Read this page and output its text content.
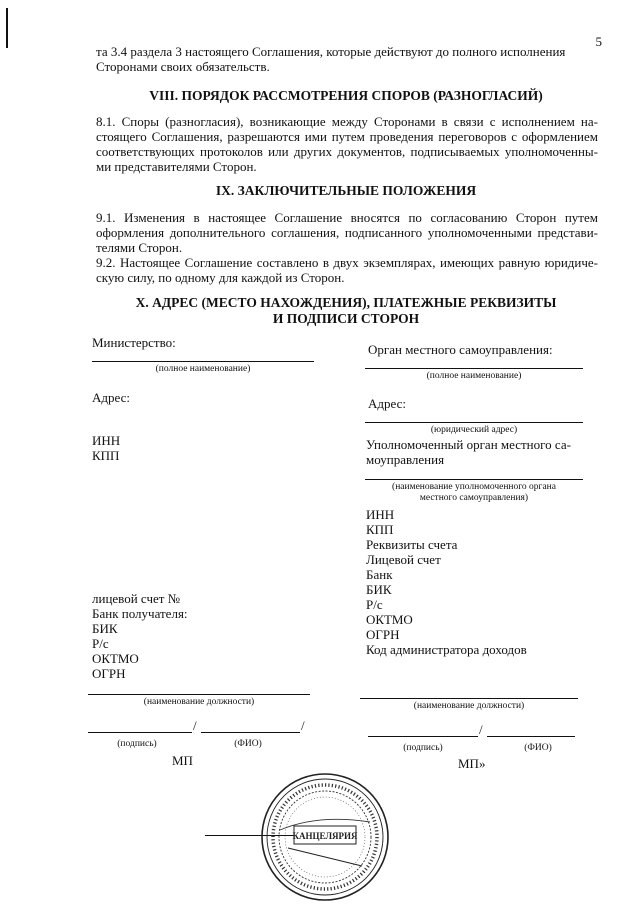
5
та 3.4 раздела 3 настоящего Соглашения, которые действуют до полного исполнения
Сторонами своих обязательств.
VIII. ПОРЯДОК РАССМОТРЕНИЯ СПОРОВ (РАЗНОГЛАСИЙ)
8.1. Споры (разногласия), возникающие между Сторонами в связи с исполнением на-
стоящего Соглашения, разрешаются ими путем проведения переговоров с оформлением
соответствующих протоколов или других документов, подписываемых уполномоченны-
ми представителями Сторон.
IX. ЗАКЛЮЧИТЕЛЬНЫЕ ПОЛОЖЕНИЯ
9.1. Изменения в настоящее Соглашение вносятся по согласованию Сторон путем
оформления дополнительного соглашения, подписанного уполномоченными представи-
телями Сторон.
9.2. Настоящее Соглашение составлено в двух экземплярах, имеющих равную юридиче-
скую силу, по одному для каждой из Сторон.
X. АДРЕС (МЕСТО НАХОЖДЕНИЯ), ПЛАТЕЖНЫЕ РЕКВИЗИТЫ
И ПОДПИСИ СТОРОН
Министерство:
(полное наименование)
Адрес:
ИНН
КПП
лицевой счет №
Банк получателя:
БИК
Р/с
ОКТМО
ОГРН
(наименование должности)
/	/
(подпись)	(ФИО)
МП
Орган местного самоуправления:
(полное наименование)
Адрес:
(юридический адрес)
Уполномоченный орган местного са-
моуправления
(наименование уполномоченного органа
местного самоуправления)
ИНН
КПП
Реквизиты счета
Лицевой счет
Банк
БИК
Р/с
ОКТМО
ОГРН
Код администратора доходов
(наименование должности)
/
(подпись)	(ФИО)
МП»
КАНЦЕЛЯРИЯ
